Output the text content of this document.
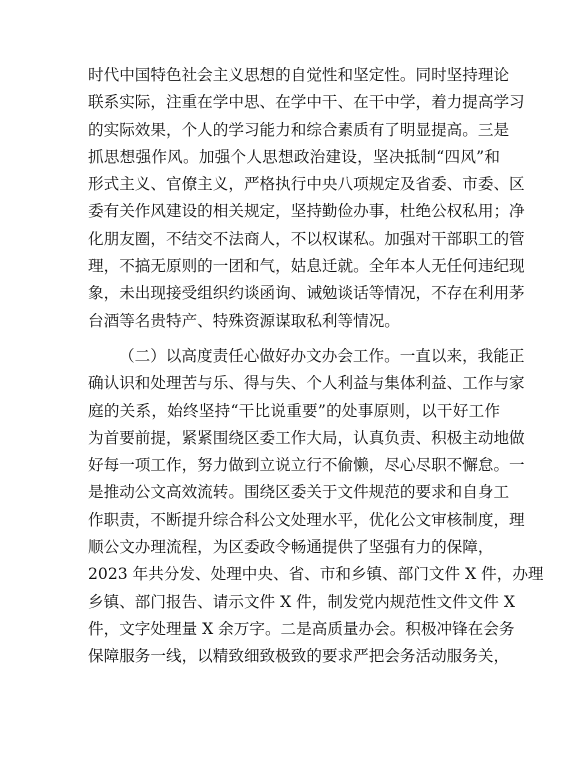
时代中国特色社会主义思想的自觉性和坚定性。同时坚持理论
联系实际，注重在学中思、在学中干、在干中学，着力提高学习
的实际效果，个人的学习能力和综合素质有了明显提高。三是
抓思想强作风。加强个人思想政治建设，坚决抵制“四风”和
形式主义、官僚主义，严格执行中央八项规定及省委、市委、区
委有关作风建设的相关规定，坚持勤俭办事，杜绝公权私用；净
化朋友圈，不结交不法商人，不以权谋私。加强对干部职工的管
理，不搞无原则的一团和气，姑息迁就。全年本人无任何违纪现
象，未出现接受组织约谈函询、诫勉谈话等情况，不存在利用茅
台酒等名贵特产、特殊资源谋取私利等情况。
（二）以高度责任心做好办文办会工作。一直以来，我能正
确认识和处理苦与乐、得与失、个人利益与集体利益、工作与家
庭的关系，始终坚持“干比说重要”的处事原则，以干好工作
为首要前提，紧紧围绕区委工作大局，认真负责、积极主动地做
好每一项工作，努力做到立说立行不偷懒，尽心尽职不懈怠。一
是推动公文高效流转。围绕区委关于文件规范的要求和自身工
作职责，不断提升综合科公文处理水平，优化公文审核制度，理
顺公文办理流程，为区委政令畅通提供了坚强有力的保障，
2023 年共分发、处理中央、省、市和乡镇、部门文件 X 件，办理
乡镇、部门报告、请示文件 X 件，制发党内规范性文件文件 X
件，文字处理量 X 余万字。二是高质量办会。积极冲锋在会务
保障服务一线，以精致细致极致的要求严把会务活动服务关，
